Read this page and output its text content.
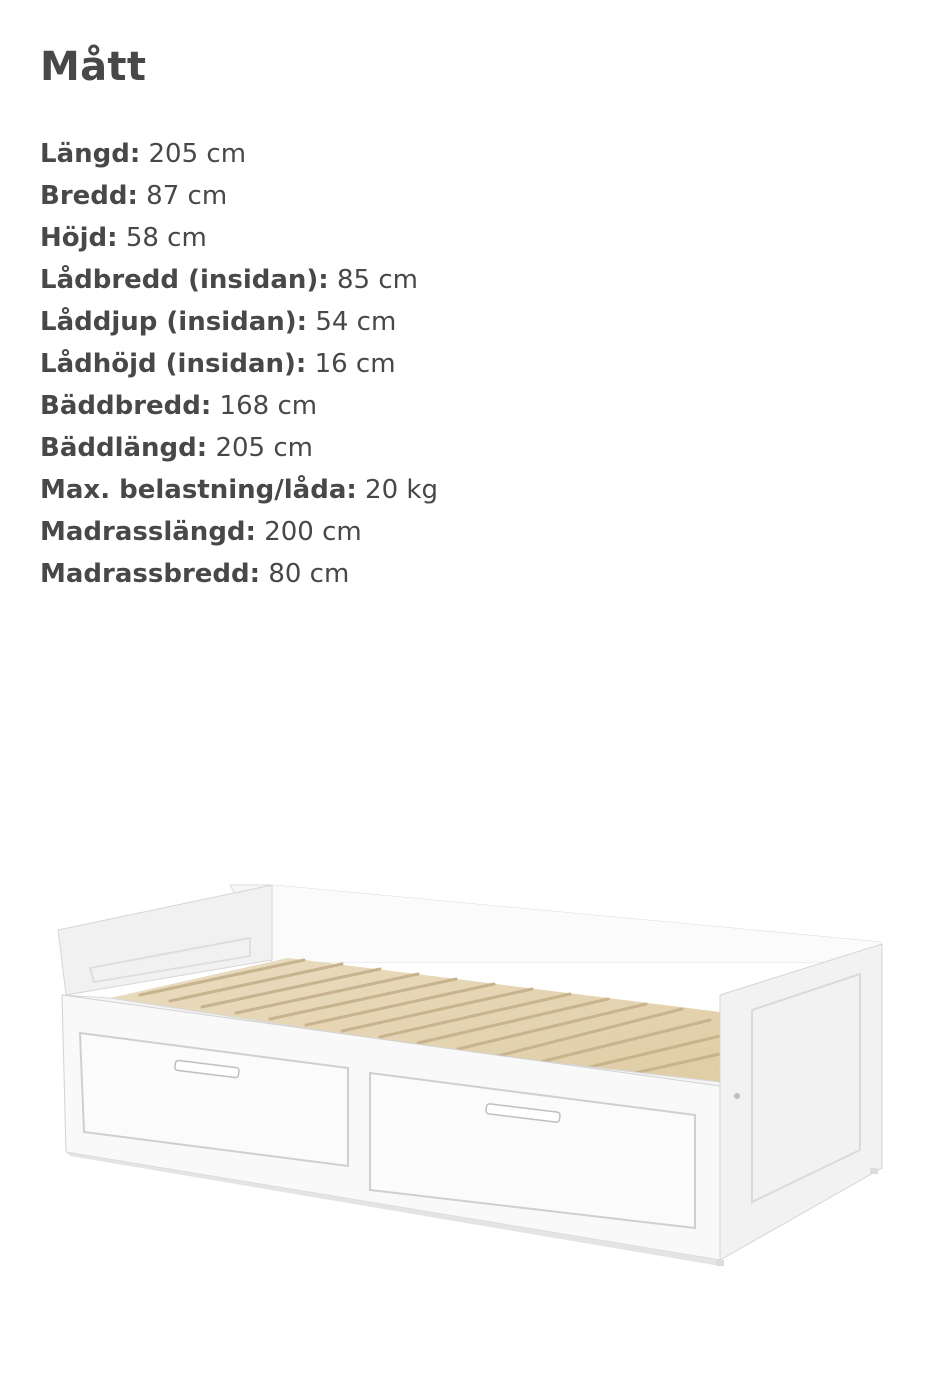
Mått
Längd: 205 cm
Bredd: 87 cm
Höjd: 58 cm
Lådbredd (insidan): 85 cm
Låddjup (insidan): 54 cm
Lådhöjd (insidan): 16 cm
Bäddbredd: 168 cm
Bäddlängd: 205 cm
Max. belastning/låda: 20 kg
Madrasslängd: 200 cm
Madrassbredd: 80 cm
